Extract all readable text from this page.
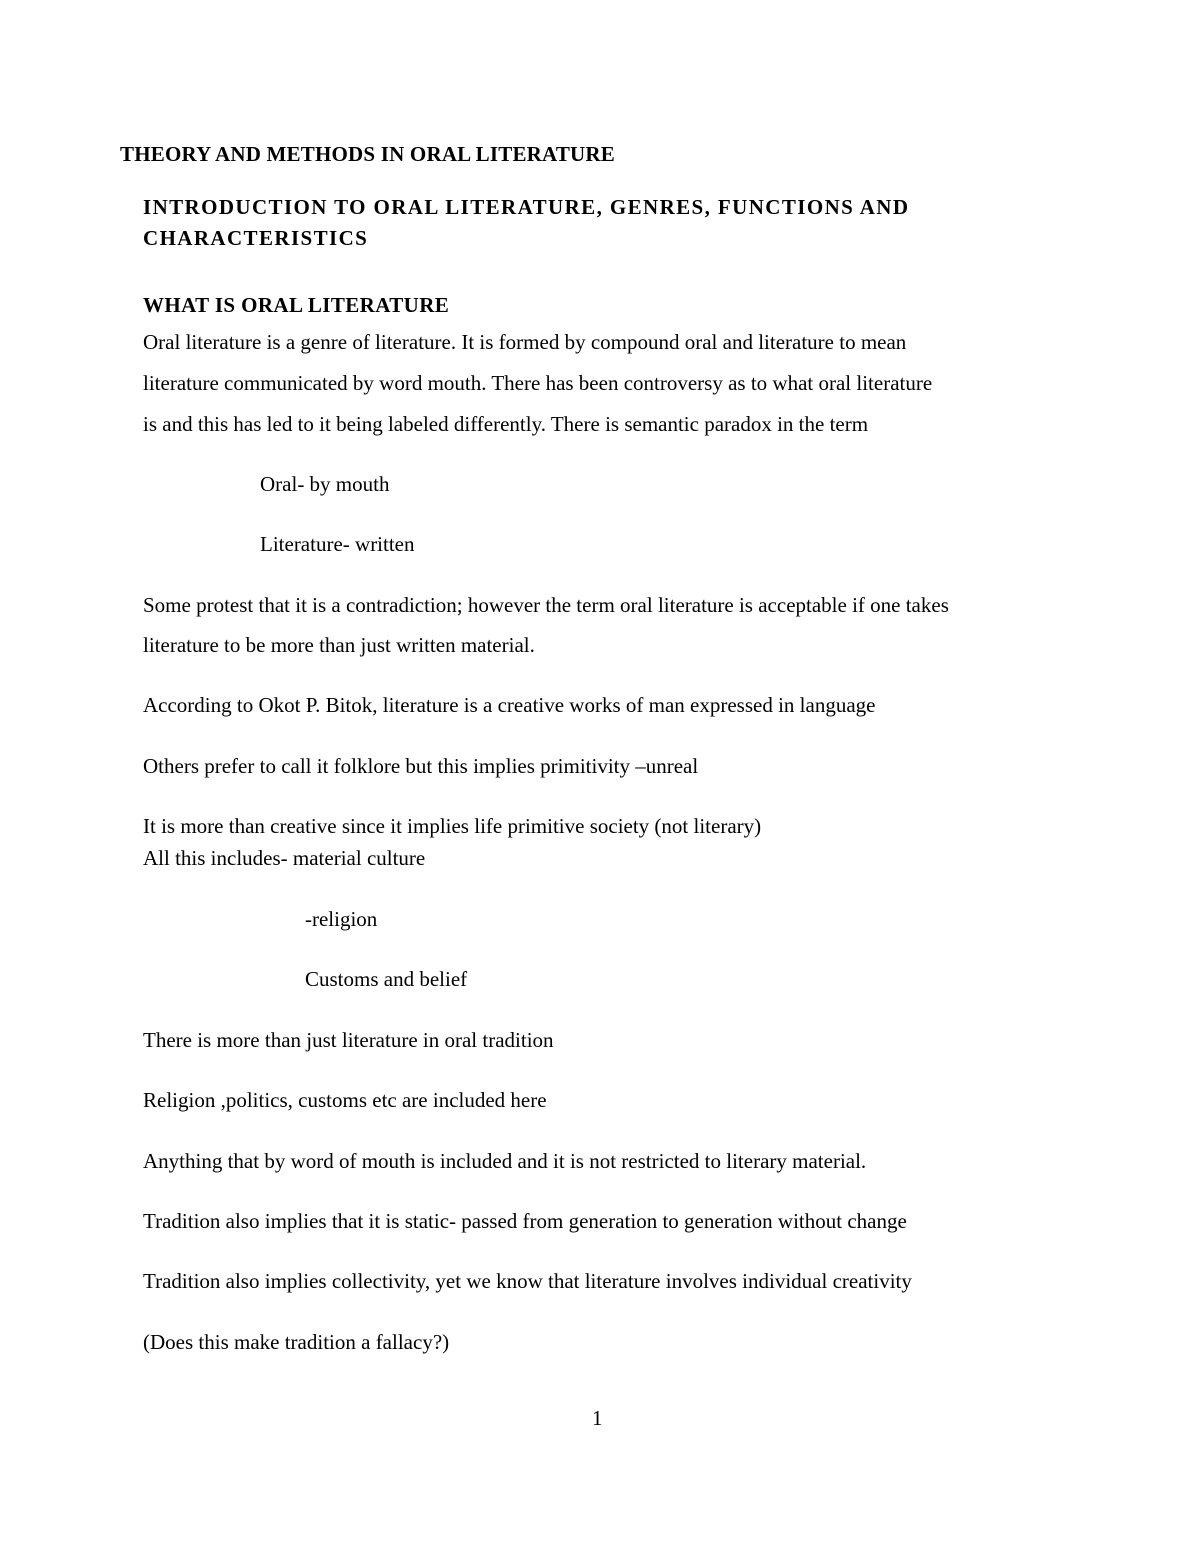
THEORY AND METHODS IN ORAL LITERATURE
INTRODUCTION TO ORAL LITERATURE, GENRES, FUNCTIONS AND
CHARACTERISTICS
WHAT IS ORAL LITERATURE
Oral literature is a genre of literature. It is formed by compound oral and literature to mean
literature communicated by word mouth. There has been controversy as to what oral literature
is and this has led to it being labeled differently. There is semantic paradox in the term
Oral- by mouth
Literature- written
Some protest that it is a contradiction; however the term oral literature is acceptable if one takes
literature to be more than just written material.
According to Okot P. Bitok, literature is a creative works of man expressed in language
Others prefer to call it folklore but this implies primitivity –unreal
It is more than creative since it implies life primitive society (not literary)
All this includes- material culture
-religion
Customs and belief
There is more than just literature in oral tradition
Religion ,politics, customs etc are included here
Anything that by word of mouth is included and it is not restricted to literary material.
Tradition also implies that it is static- passed from generation to generation without change
Tradition also implies collectivity, yet we know that literature involves individual creativity
(Does this make tradition a fallacy?)
1
